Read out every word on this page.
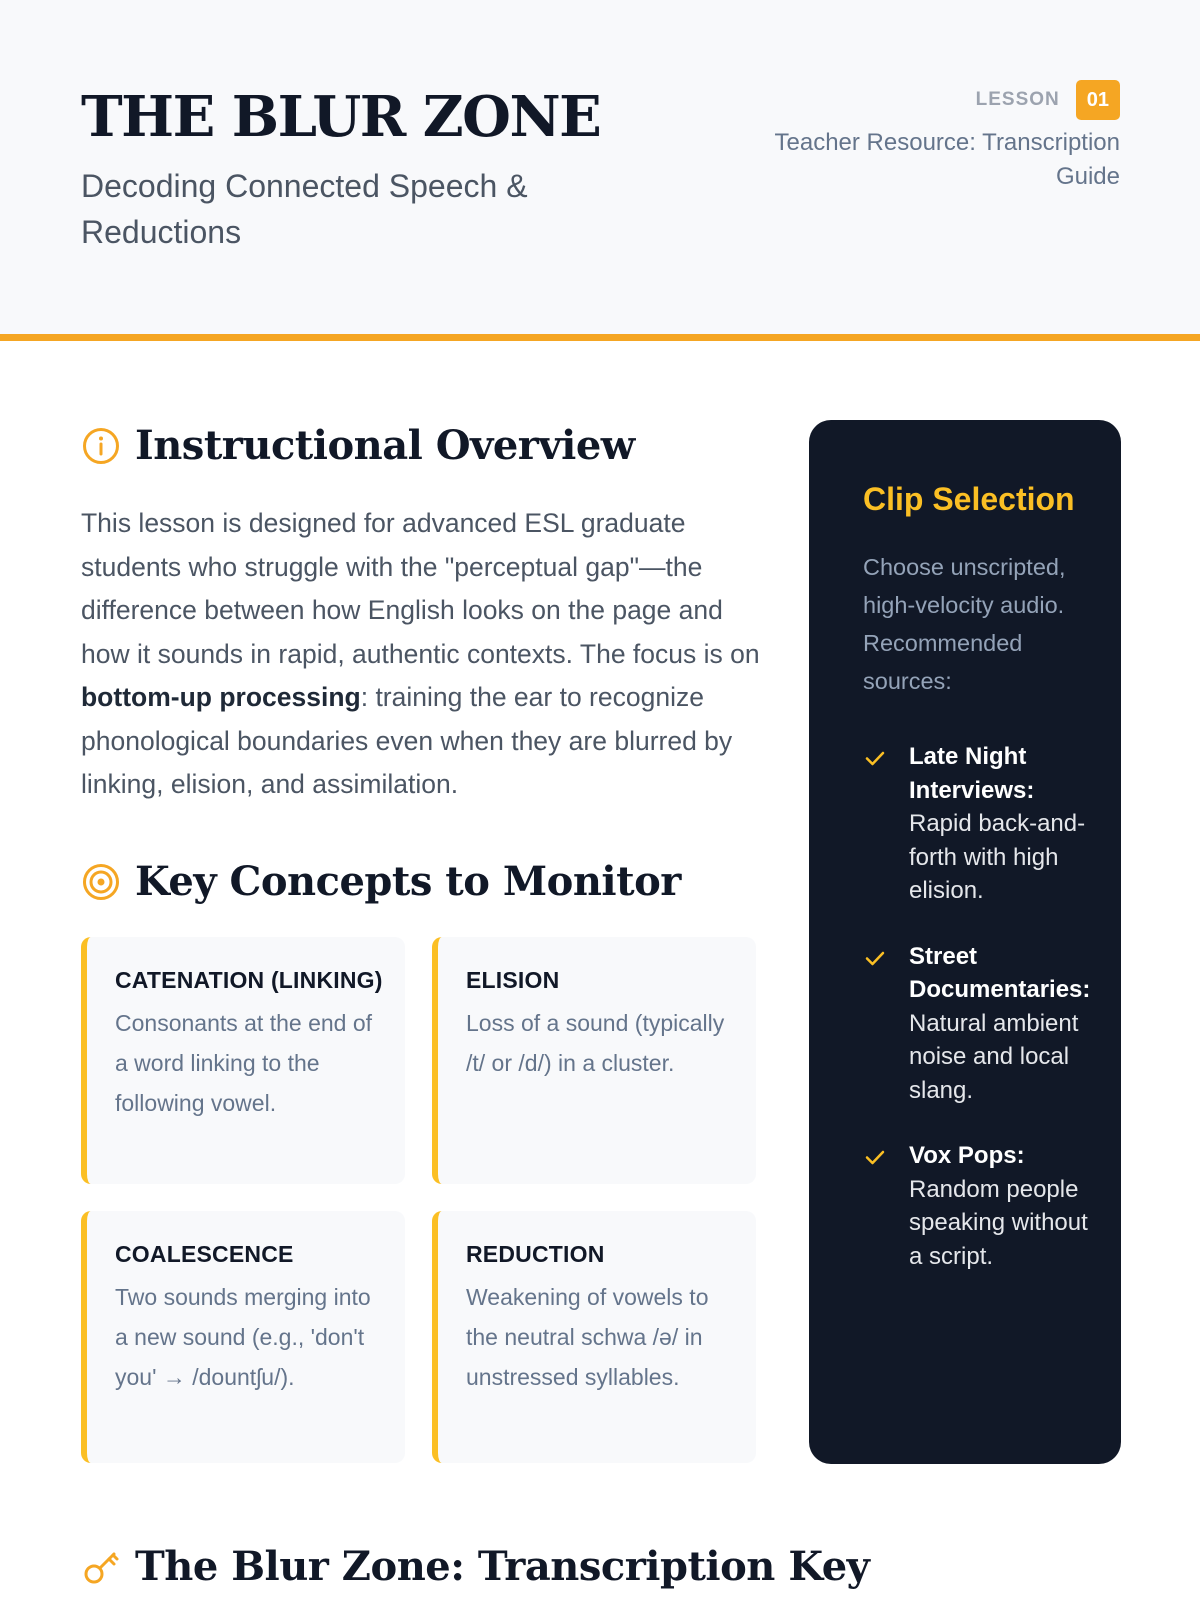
THE BLUR ZONE

Decoding Connected Speech & Reductions

LESSON	01

Teacher Resource: Transcription Guide

Instructional Overview

This lesson is designed for advanced ESL graduate students who struggle with the "perceptual gap"—the difference between how English looks on the page and how it sounds in rapid, authentic contexts. The focus is on bottom-up processing: training the ear to recognize phonological boundaries even when they are blurred by linking, elision, and assimilation.

Key Concepts to Monitor
CATENATION (LINKING)
Consonants at the end of a word linking to the following vowel.
ELISION
Loss of a sound (typically /t/ or /d/) in a cluster.
COALESCENCE
Two sounds merging into a new sound (e.g., 'don't you' → /dountʃu/).
REDUCTION
Weakening of vowels to the neutral schwa /ə/ in unstressed syllables.
Clip Selection

Choose unscripted, high-velocity audio. Recommended sources:

Late Night Interviews: Rapid back-and-forth with high elision.
Street Documentaries: Natural ambient noise and local slang.
Vox Pops: Random people speaking without a script.
The Blur Zone: Transcription Key
